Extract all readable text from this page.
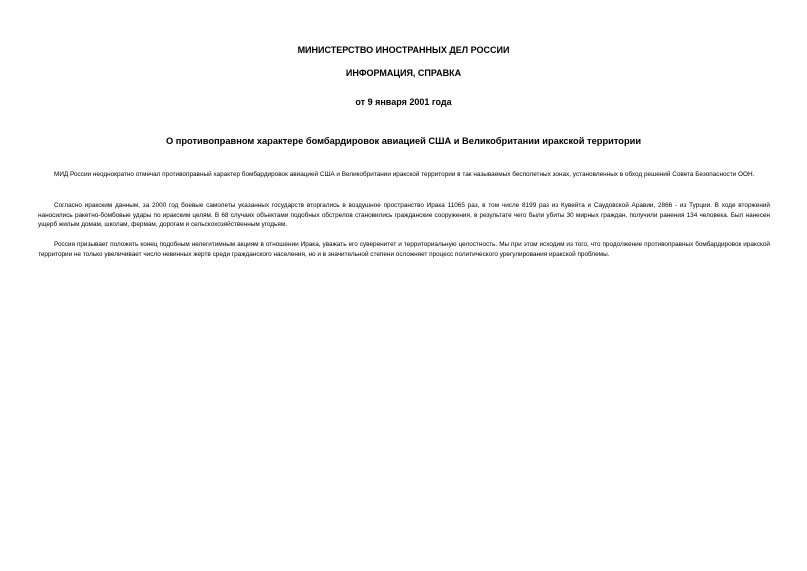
МИНИСТЕРСТВО ИНОСТРАННЫХ ДЕЛ РОССИИ
ИНФОРМАЦИЯ, СПРАВКА
от 9 января 2001 года
О противоправном характере бомбардировок авиацией США и Великобритании иракской территории

МИД России неоднократно отмечал противоправный характер бомбардировок авиацией США и Великобритании иракской территории в так называемых бесполетных зонах, установленных в обход решений Совета Безопасности ООН.

Согласно иракским данным, за 2000 год боевые самолеты указанных государств вторгались в воздушное пространство Ирака 11065 раз, в том числе 8199 раз из Кувейта и Саудовской Аравии, 2866 - из Турции. В ходе вторжений наносились ракетно-бомбовые удары по иракским целям. В 68 случаях объектами подобных обстрелов становились гражданские сооружения, в результате чего были убиты 30 мирных граждан, получили ранения 134 человека. Был нанесен ущерб жилым домам, школам, фермам, дорогам и сельскохозяйственным угодьям.

Россия призывает положить конец подобным нелегитимным акциям в отношении Ирака, уважать его суверенитет и территориальную целостность. Мы при этом исходим из того, что продолжение противоправных бомбардировок иракской территории не только увеличивает число невинных жертв среди гражданского населения, но и в значительной степени осложняет процесс политического урегулирования иракской проблемы.
